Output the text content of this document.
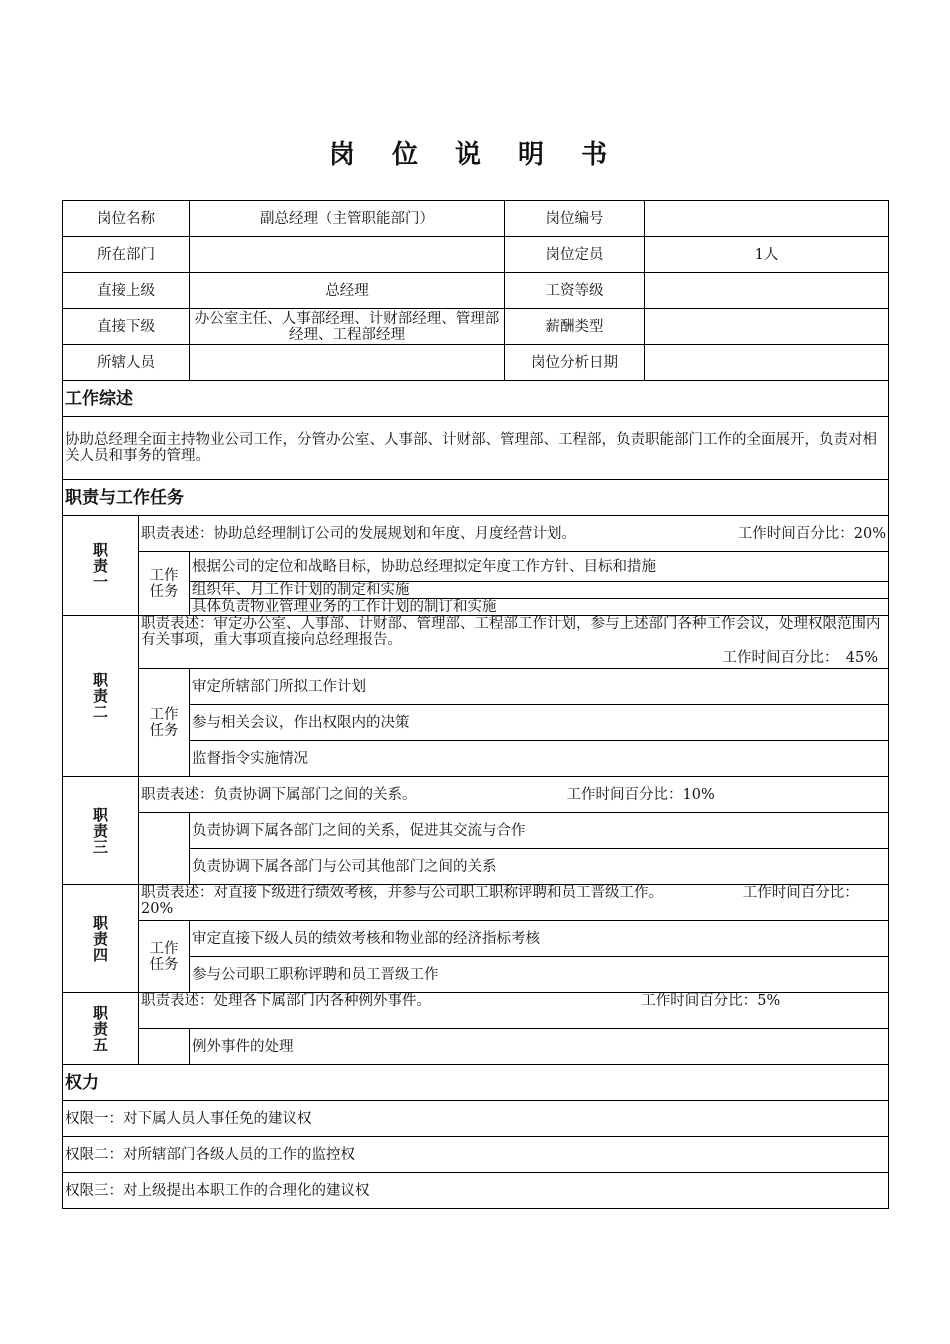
岗 位 说 明 书
岗位名称		副总经理（主管职能部门）	岗位编号	
所在部门			岗位定员	1人
直接上级		总经理	工资等级	
直接下级		办公室主任、人事部经理、计财部经理、管理部经理、工程部经理	薪酬类型	
所辖人员			岗位分析日期	
工作综述				
协助总经理全面主持物业公司工作，分管办公室、人事部、计财部、管理部、工程部，负责职能部门工作的全面展开，负责对相关人员和事务的管理。				
职责与工作任务				
职责一	职责表述：协助总经理制订公司的发展规划和年度、月度经营计划。 工作时间百分比：20%			

	工作任务	根据公司的定位和战略目标，协助总经理拟定年度工作方针、目标和措施		
		组织年、月工作计划的制定和实施		
		具体负责物业管理业务的工作计划的制订和实施		
职责二	职责表述：审定办公室、人事部、计财部、管理部、工程部工作计划，参与上述部门各种工作会议，处理权限范围内有关事项，重大事项直接向总经理报告。
工作时间百分比：　45%			

	工作任务	审定所辖部门所拟工作计划		
		参与相关会议，作出权限内的决策		
		监督指令实施情况		
职责三	职责表述：负责协调下属部门之间的关系。 工作时间百分比：10%			
		负责协调下属各部门之间的关系，促进其交流与合作		
		负责协调下属各部门与公司其他部门之间的关系		
职责四	职责表述：对直接下级进行绩效考核，并参与公司职工职称评聘和员工晋级工作。　　　　　　工作时间百分比：　20%			
	工作任务	审定直接下级人员的绩效考核和物业部的经济指标考核		
		参与公司职工职称评聘和员工晋级工作		
职责五	职责表述：处理各下属部门内各种例外事件。　　　　　　　　　　　　　　　工作时间百分比：5%			
		例外事件的处理		
权力				
权限一：对下属人员人事任免的建议权				
权限二：对所辖部门各级人员的工作的监控权				
权限三：对上级提出本职工作的合理化的建议权				
